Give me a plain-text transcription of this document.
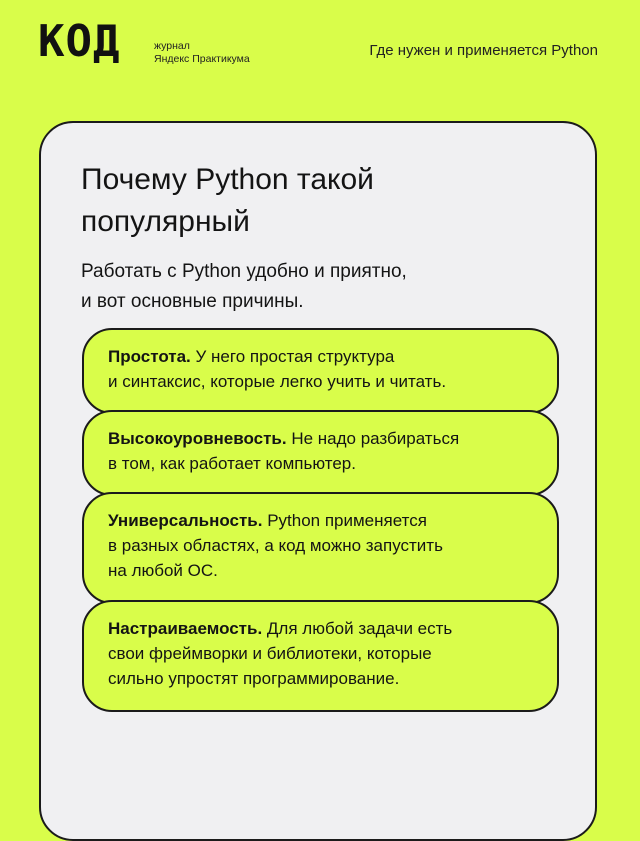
КОД	журнал
Яндекс Практикума	Где нужен и применяется Python
Почему Python такой
популярный

Работать с Python удобно и приятно,
и вот основные причины.

Простота. У него простая структура
и синтаксис, которые легко учить и читать.
Высокоуровневость. Не надо разбираться
в том, как работает компьютер.
Универсальность. Python применяется
в разных областях, а код можно запустить
на любой ОС.
Настраиваемость. Для любой задачи есть
свои фреймворки и библиотеки, которые
сильно упростят программирование.
